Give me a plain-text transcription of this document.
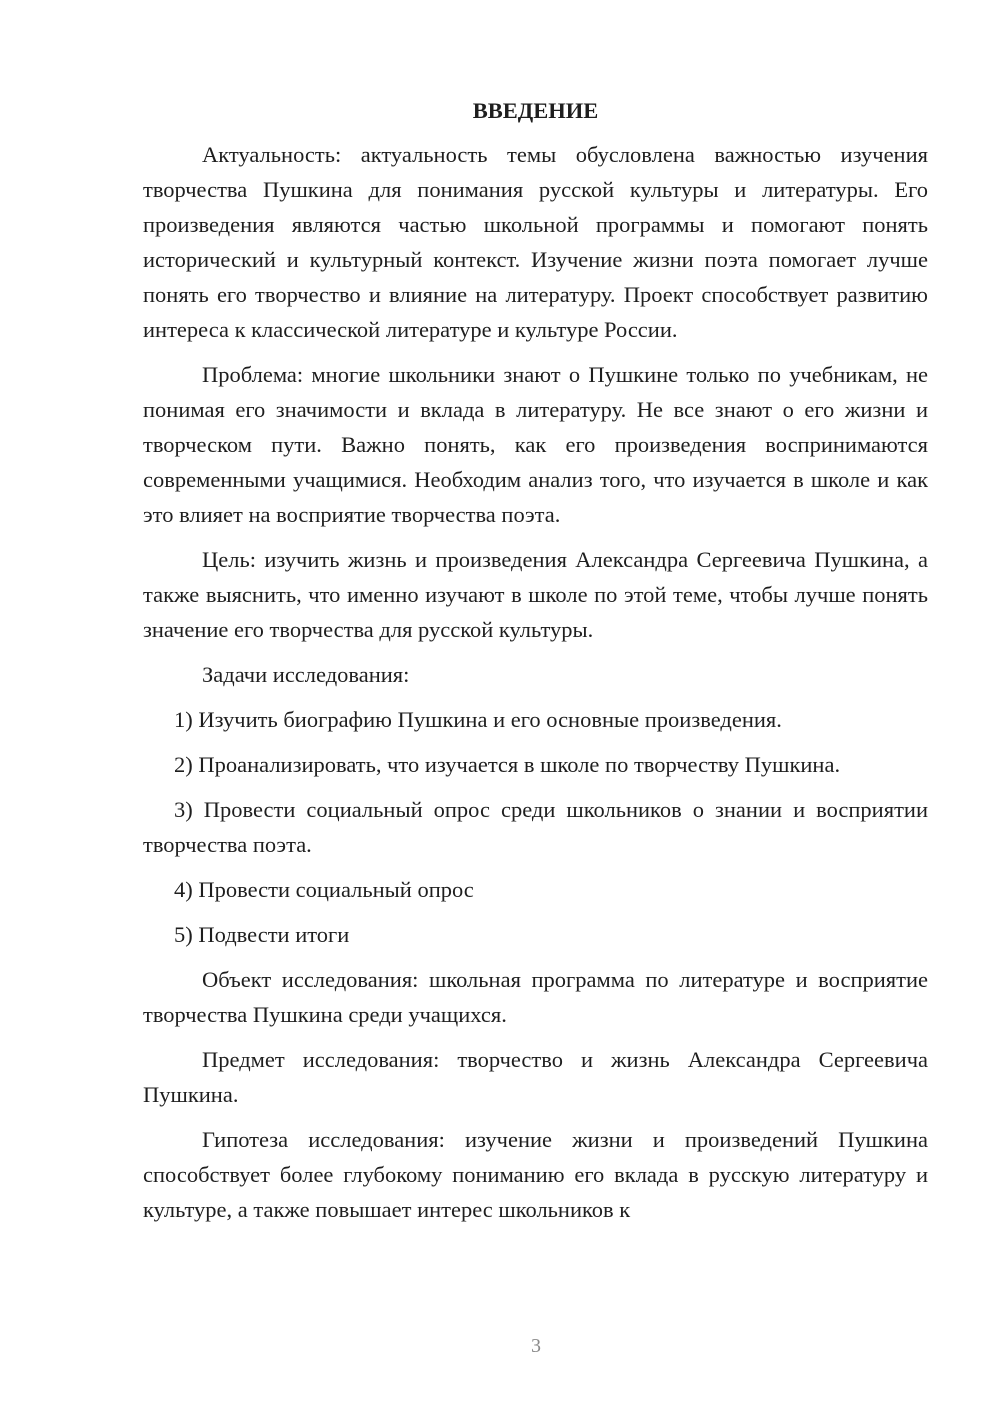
ВВЕДЕНИЕ

Актуальность: актуальность темы обусловлена важностью изучения творчества Пушкина для понимания русской культуры и литературы. Его произведения являются частью школьной программы и помогают понять исторический и культурный контекст. Изучение жизни поэта помогает лучше понять его творчество и влияние на литературу. Проект способствует развитию интереса к классической литературе и культуре России.

Проблема: многие школьники знают о Пушкине только по учебникам, не понимая его значимости и вклада в литературу. Не все знают о его жизни и творческом пути. Важно понять, как его произведения воспринимаются современными учащимися. Необходим анализ того, что изучается в школе и как это влияет на восприятие творчества поэта.

Цель: изучить жизнь и произведения Александра Сергеевича Пушкина, а также выяснить, что именно изучают в школе по этой теме, чтобы лучше понять значение его творчества для русской культуры.

Задачи исследования:

1) Изучить биографию Пушкина и его основные произведения.

2) Проанализировать, что изучается в школе по творчеству Пушкина.

3) Провести социальный опрос среди школьников о знании и восприятии творчества поэта.

4) Провести социальный опрос

5) Подвести итоги

Объект исследования: школьная программа по литературе и восприятие творчества Пушкина среди учащихся.

Предмет исследования: творчество и жизнь Александра Сергеевича Пушкина.

Гипотеза исследования: изучение жизни и произведений Пушкина способствует более глубокому пониманию его вклада в русскую литературу и культуре, а также повышает интерес школьников к

3
